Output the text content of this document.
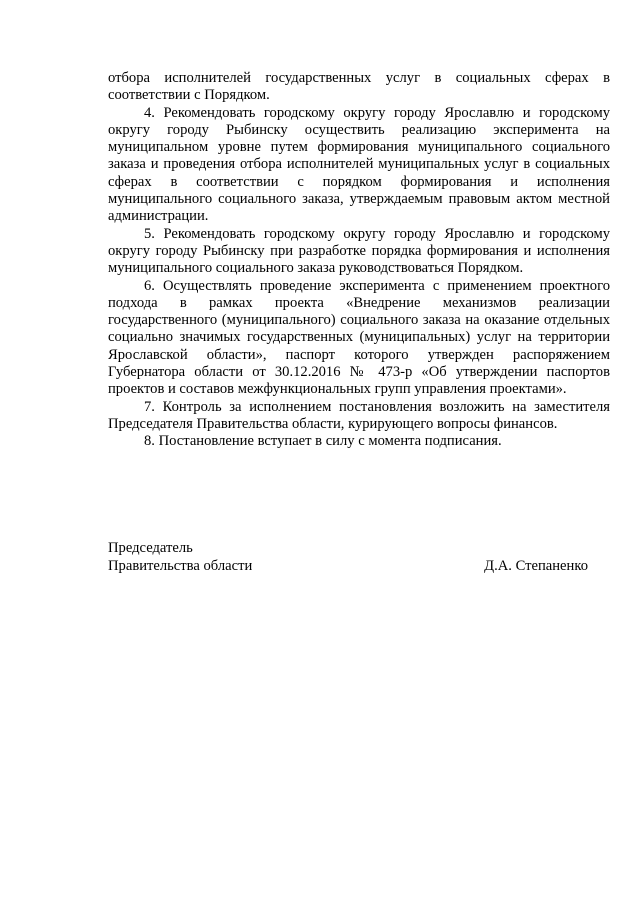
отбора исполнителей государственных услуг в социальных сферах в соответствии с Порядком.

4. Рекомендовать городскому округу городу Ярославлю и городскому округу городу Рыбинску осуществить реализацию эксперимента на муниципальном уровне путем формирования муниципального социального заказа и проведения отбора исполнителей муниципальных услуг в социальных сферах в соответствии с порядком формирования и исполнения муниципального социального заказа, утверждаемым правовым актом местной администрации.

5. Рекомендовать городскому округу городу Ярославлю и городскому округу городу Рыбинску при разработке порядка формирования и исполнения муниципального социального заказа руководствоваться Порядком.

6. Осуществлять проведение эксперимента с применением проектного подхода в рамках проекта «Внедрение механизмов реализации государственного (муниципального) социального заказа на оказание отдельных социально значимых государственных (муниципальных) услуг на территории Ярославской области», паспорт которого утвержден распоряжением Губернатора области от 30.12.2016 № 473-р «Об утверждении паспортов проектов и составов межфункциональных групп управления проектами».

7. Контроль за исполнением постановления возложить на заместителя Председателя Правительства области, курирующего вопросы финансов.

8. Постановление вступает в силу с момента подписания.

Председатель
Правительства области	Д.А. Степаненко
